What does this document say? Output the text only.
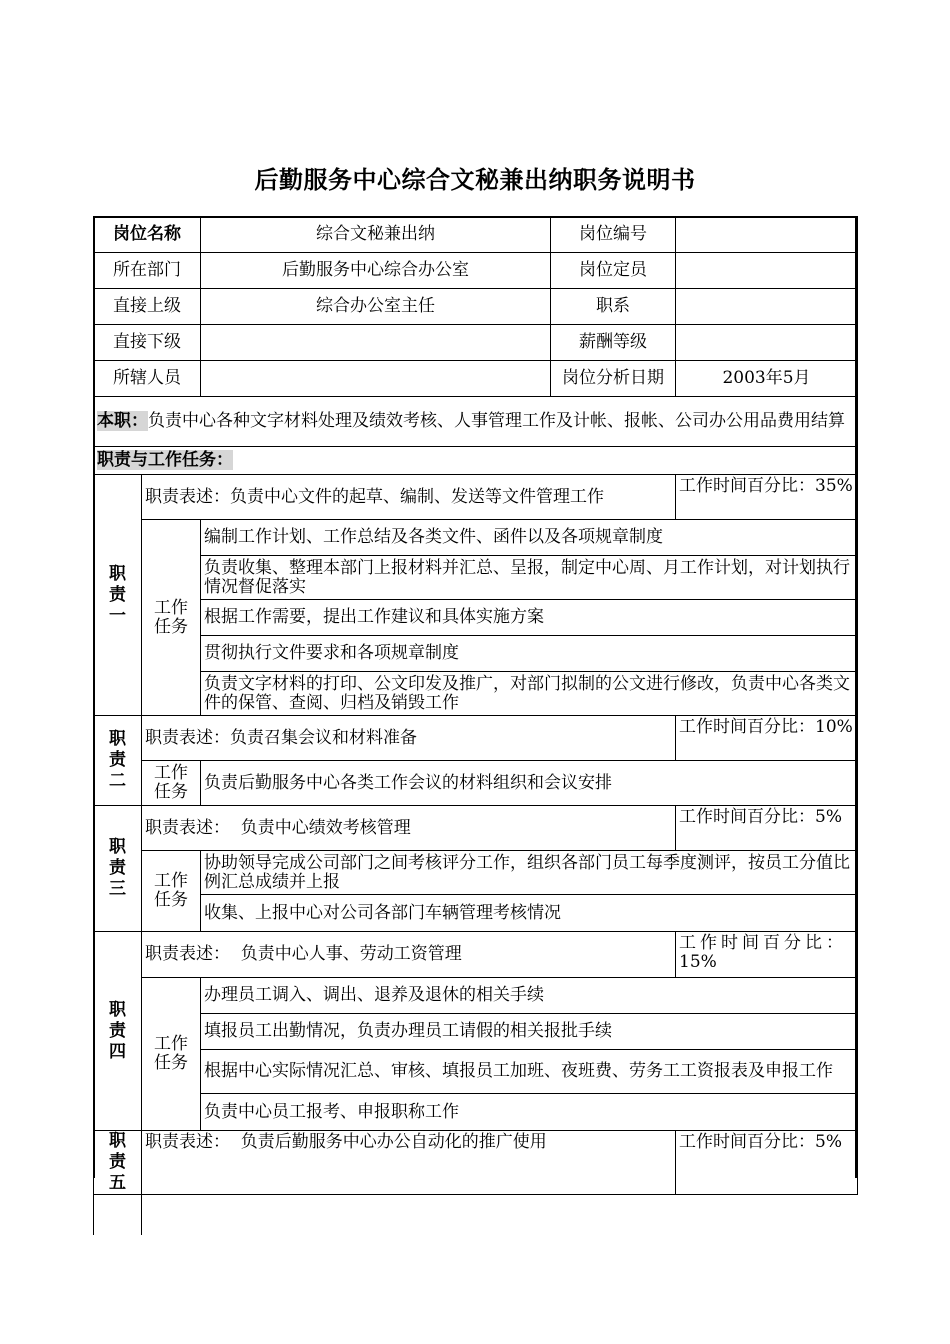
后勤服务中心综合文秘兼出纳职务说明书
岗位名称		综合文秘兼出纳	岗位编号	
所在部门		后勤服务中心综合办公室	岗位定员	
直接上级		综合办公室主任	职系	
直接下级			薪酬等级	
所辖人员			岗位分析日期	2003年5月
本职：负责中心各种文字材料处理及绩效考核、人事管理工作及计帐、报帐、公司办公用品费用结算				
职责与工作任务：				

职
责
一	职责表述：负责中心文件的起草、编制、发送等文件管理工作			工作时间百分比：35%
	工作
任务	编制工作计划、工作总结及各类文件、函件以及各项规章制度		
		负责收集、整理本部门上报材料并汇总、呈报，制定中心周、月工作计划，对计划执行情况督促落实		
		根据工作需要，提出工作建议和具体实施方案		
		贯彻执行文件要求和各项规章制度		
		负责文字材料的打印、公文印发及推广，对部门拟制的公文进行修改，负责中心各类文件的保管、查阅、归档及销毁工作		

职
责
二	职责表述：负责召集会议和材料准备			工作时间百分比：10%
	工作
任务	负责后勤服务中心各类工作会议的材料组织和会议安排		

职
责
三	职责表述：  负责中心绩效考核管理			工作时间百分比：5%
	工作
任务	协助领导完成公司部门之间考核评分工作，组织各部门员工每季度测评，按员工分值比例汇总成绩并上报		
		收集、上报中心对公司各部门车辆管理考核情况		

职
责
四	职责表述：  负责中心人事、劳动工资管理			工作时间百分比：15%
	工作
任务	办理员工调入、调出、退养及退休的相关手续		
		填报员工出勤情况，负责办理员工请假的相关报批手续		
		根据中心实际情况汇总、审核、填报员工加班、夜班费、劳务工工资报表及申报工作		
		负责中心员工报考、申报职称工作		

职
责
五	职责表述：  负责后勤服务中心办公自动化的推广使用			工作时间百分比：5%
